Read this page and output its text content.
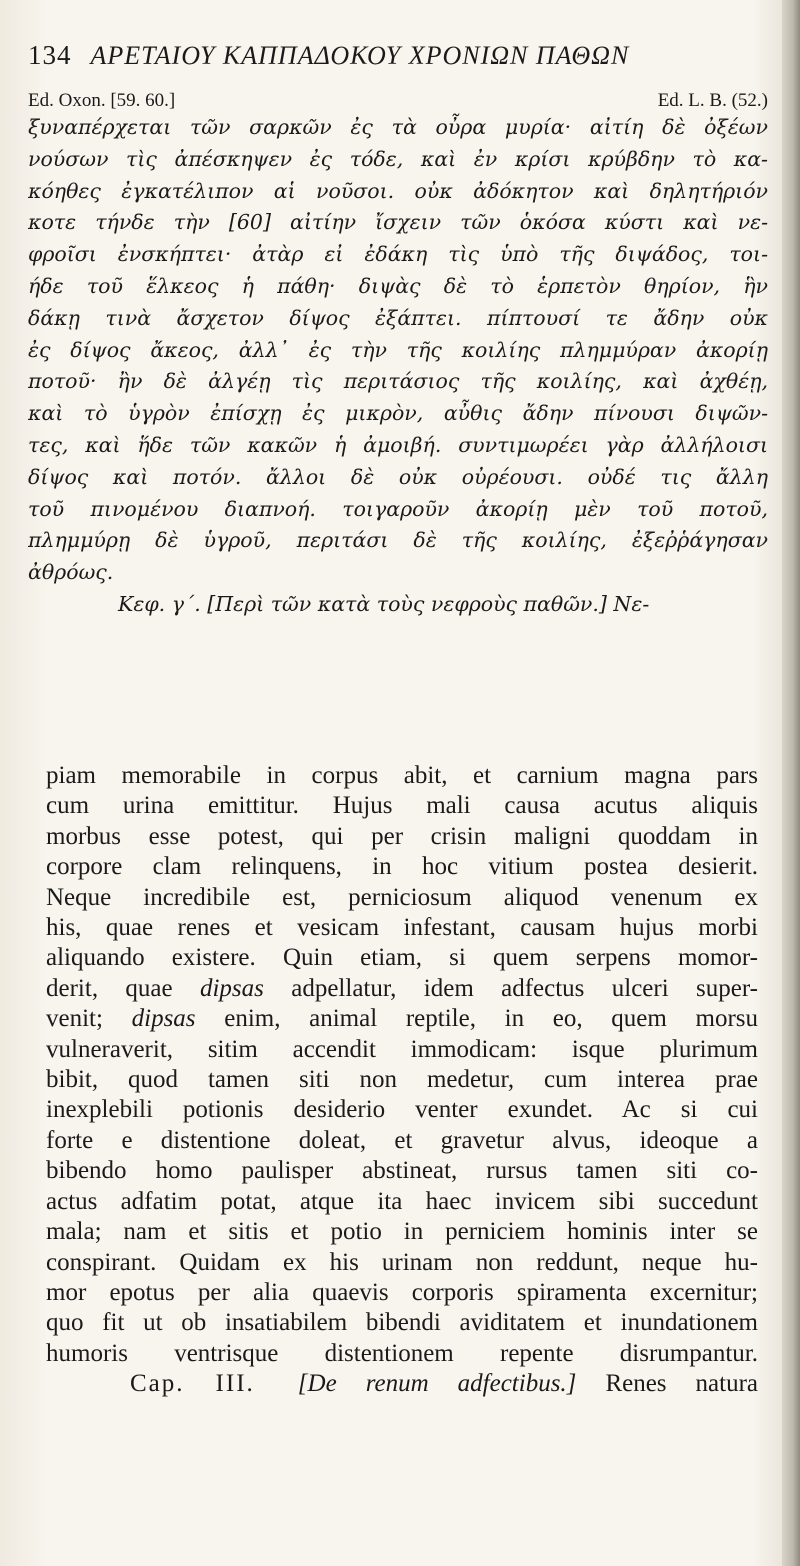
134 ΑΡΕΤΑΙΟΥ ΚΑΠΠΑΔΟΚΟΥ ΧΡΟΝΙΩΝ ΠΑΘΩΝ
Ed. Oxon. [59. 60.]	Ed. L. B. (52.)
ξυναπέρχεται τῶν σαρκῶν ἐς τὰ οὖρα μυρία· αἰτίη δὲ ὀξέων
νούσων τὶς ἀπέσκηψεν ἐς τόδε, καὶ ἐν κρίσι κρύβδην τὸ κα-
κόηθες ἐγκατέλιπον αἱ νοῦσοι. οὐκ ἀδόκητον καὶ δηλητήριόν
κοτε τήνδε τὴν [60] αἰτίην ἴσχειν τῶν ὁκόσα κύστι καὶ νε-
φροῖσι ἐνσκήπτει· ἀτὰρ εἰ ἐδάκη τὶς ὑπὸ τῆς διψάδος, τοι-
ήδε τοῦ ἕλκεος ἡ πάθη· διψὰς δὲ τὸ ἑρπετὸν θηρίον, ἣν
δάκῃ τινὰ ἄσχετον δίψος ἐξάπτει. πίπτουσί τε ἄδην οὐκ
ἐς δίψος ἄκεος, ἀλλ᾽ ἐς τὴν τῆς κοιλίης πλημμύραν ἀκορίῃ
ποτοῦ· ἢν δὲ ἀλγέῃ τὶς περιτάσιος τῆς κοιλίης, καὶ ἀχθέῃ,
καὶ τὸ ὑγρὸν ἐπίσχῃ ἐς μικρὸν, αὖθις ἄδην πίνουσι διψῶν-
τες, καὶ ἥδε τῶν κακῶν ἡ ἀμοιβή. συντιμωρέει γὰρ ἀλλήλοισι
δίψος καὶ ποτόν. ἄλλοι δὲ οὐκ οὐρέουσι. οὐδέ τις ἄλλη
τοῦ πινομένου διαπνοή. τοιγαροῦν ἀκορίῃ μὲν τοῦ ποτοῦ,
πλημμύρῃ δὲ ὑγροῦ, περιτάσι δὲ τῆς κοιλίης, ἐξεῤῥάγησαν
ἀθρόως.
Κεφ. γ΄. [Περὶ τῶν κατὰ τοὺς νεφροὺς παθῶν.] Νε-
piam memorabile in corpus abit, et carnium magna pars
cum urina emittitur. Hujus mali causa acutus aliquis
morbus esse potest, qui per crisin maligni quoddam in
corpore clam relinquens, in hoc vitium postea desierit.
Neque incredibile est, perniciosum aliquod venenum ex
his, quae renes et vesicam infestant, causam hujus morbi
aliquando existere. Quin etiam, si quem serpens momor-
derit, quae dipsas adpellatur, idem adfectus ulceri super-
venit; dipsas enim, animal reptile, in eo, quem morsu
vulneraverit, sitim accendit immodicam: isque plurimum
bibit, quod tamen siti non medetur, cum interea prae
inexplebili potionis desiderio venter exundet. Ac si cui
forte e distentione doleat, et gravetur alvus, ideoque a
bibendo homo paulisper abstineat, rursus tamen siti co-
actus adfatim potat, atque ita haec invicem sibi succedunt
mala; nam et sitis et potio in perniciem hominis inter se
conspirant. Quidam ex his urinam non reddunt, neque hu-
mor epotus per alia quaevis corporis spiramenta excernitur;
quo fit ut ob insatiabilem bibendi aviditatem et inundationem
humoris ventrisque distentionem repente disrumpantur.
Cap. III. [De renum adfectibus.] Renes natura
